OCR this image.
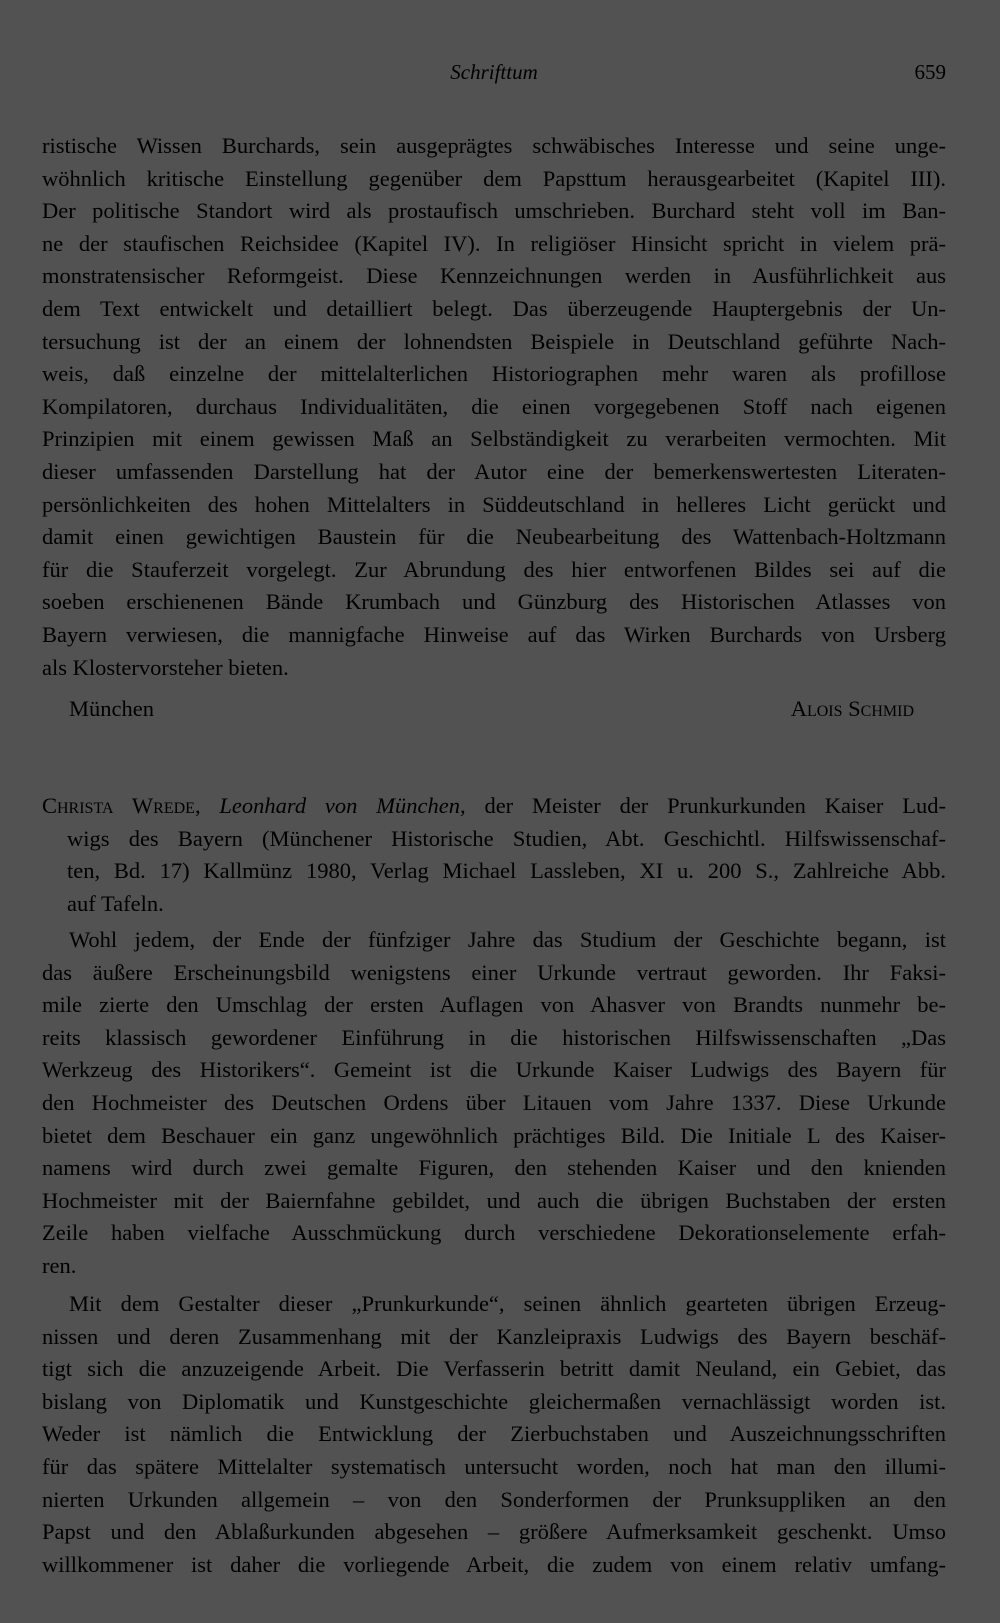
Schrifttum	659
ristische Wissen Burchards, sein ausgeprägtes schwäbisches Interesse und seine unge-
wöhnlich kritische Einstellung gegenüber dem Papsttum herausgearbeitet (Kapitel III).
Der politische Standort wird als prostaufisch umschrieben. Burchard steht voll im Ban-
ne der staufischen Reichsidee (Kapitel IV). In religiöser Hinsicht spricht in vielem prä-
monstratensischer Reformgeist. Diese Kennzeichnungen werden in Ausführlichkeit aus
dem Text entwickelt und detailliert belegt. Das überzeugende Hauptergebnis der Un-
tersuchung ist der an einem der lohnendsten Beispiele in Deutschland geführte Nach-
weis, daß einzelne der mittelalterlichen Historiographen mehr waren als profillose
Kompilatoren, durchaus Individualitäten, die einen vorgegebenen Stoff nach eigenen
Prinzipien mit einem gewissen Maß an Selbständigkeit zu verarbeiten vermochten. Mit
dieser umfassenden Darstellung hat der Autor eine der bemerkenswertesten Literaten-
persönlichkeiten des hohen Mittelalters in Süddeutschland in helleres Licht gerückt und
damit einen gewichtigen Baustein für die Neubearbeitung des Wattenbach-Holtzmann
für die Stauferzeit vorgelegt. Zur Abrundung des hier entworfenen Bildes sei auf die
soeben erschienenen Bände Krumbach und Günzburg des Historischen Atlasses von
Bayern verwiesen, die mannigfache Hinweise auf das Wirken Burchards von Ursberg
als Klostervorsteher bieten.
München	Alois Schmid
Christa Wrede, Leonhard von München, der Meister der Prunkurkunden Kaiser Lud-
wigs des Bayern (Münchener Historische Studien, Abt. Geschichtl. Hilfswissenschaf-
ten, Bd. 17) Kallmünz 1980, Verlag Michael Lassleben, XI u. 200 S., Zahlreiche Abb.
auf Tafeln.
Wohl jedem, der Ende der fünfziger Jahre das Studium der Geschichte begann, ist
das äußere Erscheinungsbild wenigstens einer Urkunde vertraut geworden. Ihr Faksi-
mile zierte den Umschlag der ersten Auflagen von Ahasver von Brandts nunmehr be-
reits klassisch gewordener Einführung in die historischen Hilfswissenschaften „Das
Werkzeug des Historikers“. Gemeint ist die Urkunde Kaiser Ludwigs des Bayern für
den Hochmeister des Deutschen Ordens über Litauen vom Jahre 1337. Diese Urkunde
bietet dem Beschauer ein ganz ungewöhnlich prächtiges Bild. Die Initiale L des Kaiser-
namens wird durch zwei gemalte Figuren, den stehenden Kaiser und den knienden
Hochmeister mit der Baiernfahne gebildet, und auch die übrigen Buchstaben der ersten
Zeile haben vielfache Ausschmückung durch verschiedene Dekorationselemente erfah-
ren.
Mit dem Gestalter dieser „Prunkurkunde“, seinen ähnlich gearteten übrigen Erzeug-
nissen und deren Zusammenhang mit der Kanzleipraxis Ludwigs des Bayern beschäf-
tigt sich die anzuzeigende Arbeit. Die Verfasserin betritt damit Neuland, ein Gebiet, das
bislang von Diplomatik und Kunstgeschichte gleichermaßen vernachlässigt worden ist.
Weder ist nämlich die Entwicklung der Zierbuchstaben und Auszeichnungsschriften
für das spätere Mittelalter systematisch untersucht worden, noch hat man den illumi-
nierten Urkunden allgemein – von den Sonderformen der Prunksuppliken an den
Papst und den Ablaßurkunden abgesehen – größere Aufmerksamkeit geschenkt. Umso
willkommener ist daher die vorliegende Arbeit, die zudem von einem relativ umfang-
